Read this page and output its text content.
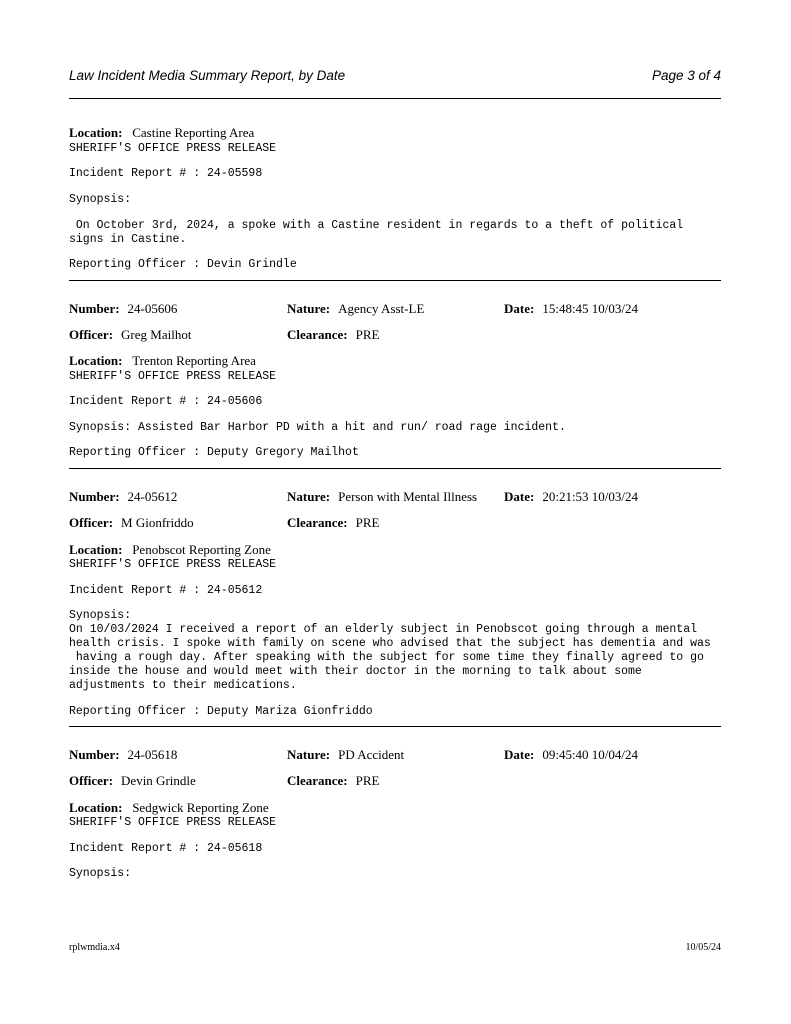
Law Incident Media Summary Report, by Date	Page 3 of 4
Location: Castine Reporting Area
SHERIFF'S OFFICE PRESS RELEASE
Incident Report # : 24-05598
Synopsis:
On October 3rd, 2024, a spoke with a Castine resident in regards to a theft of political
signs in Castine.
Reporting Officer : Devin Grindle
Number: 24-05606	Nature: Agency Asst-LE	Date: 15:48:45 10/03/24
Officer: Greg Mailhot	Clearance: PRE
Location: Trenton Reporting Area
SHERIFF'S OFFICE PRESS RELEASE
Incident Report # : 24-05606
Synopsis: Assisted Bar Harbor PD with a hit and run/ road rage incident.
Reporting Officer : Deputy Gregory Mailhot
Number: 24-05612	Nature: Person with Mental Illness Date: 20:21:53 10/03/24
Officer: M Gionfriddo	Clearance: PRE
Location: Penobscot Reporting Zone
SHERIFF'S OFFICE PRESS RELEASE
Incident Report # : 24-05612
Synopsis:
On 10/03/2024 I received a report of an elderly subject in Penobscot going through a mental
health crisis. I spoke with family on scene who advised that the subject has dementia and was
having a rough day. After speaking with the subject for some time they finally agreed to go
inside the house and would meet with their doctor in the morning to talk about some
adjustments to their medications.
Reporting Officer : Deputy Mariza Gionfriddo
Number: 24-05618	Nature: PD Accident	Date: 09:45:40 10/04/24
Officer: Devin Grindle	Clearance: PRE
Location: Sedgwick Reporting Zone
SHERIFF'S OFFICE PRESS RELEASE
Incident Report # : 24-05618
Synopsis:
rplwmdia.x4	10/05/24
